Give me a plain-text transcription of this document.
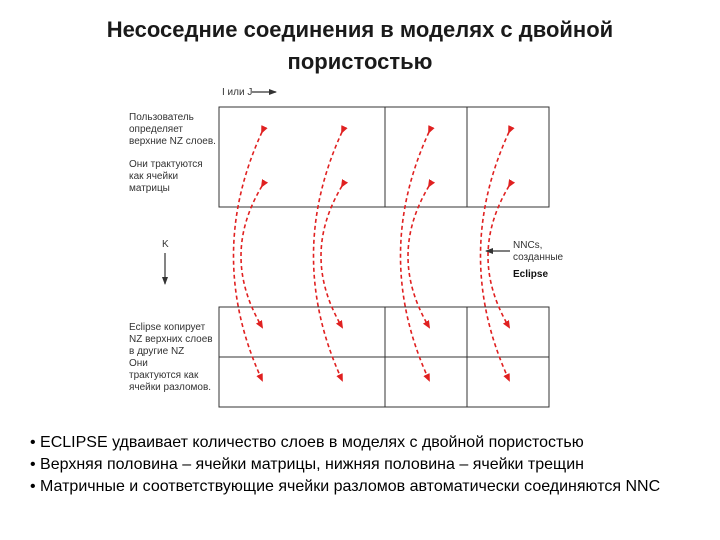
Несоседние соединения в моделях с двойной
пористостью
I или J
K
Пользователь определяет верхние NZ слоев. Они трактуются как ячейки матрицы
Eclipse копирует NZ верхних слоев в другие NZ Они трактуются как ячейки разломов.
NNCs, созданные Eclipse
• ECLIPSE удваивает количество слоев в моделях с двойной пористостью
• Верхняя половина – ячейки матрицы, нижняя половина – ячейки трещин
• Матричные и соответствующие ячейки разломов автоматически соединяются NNC
